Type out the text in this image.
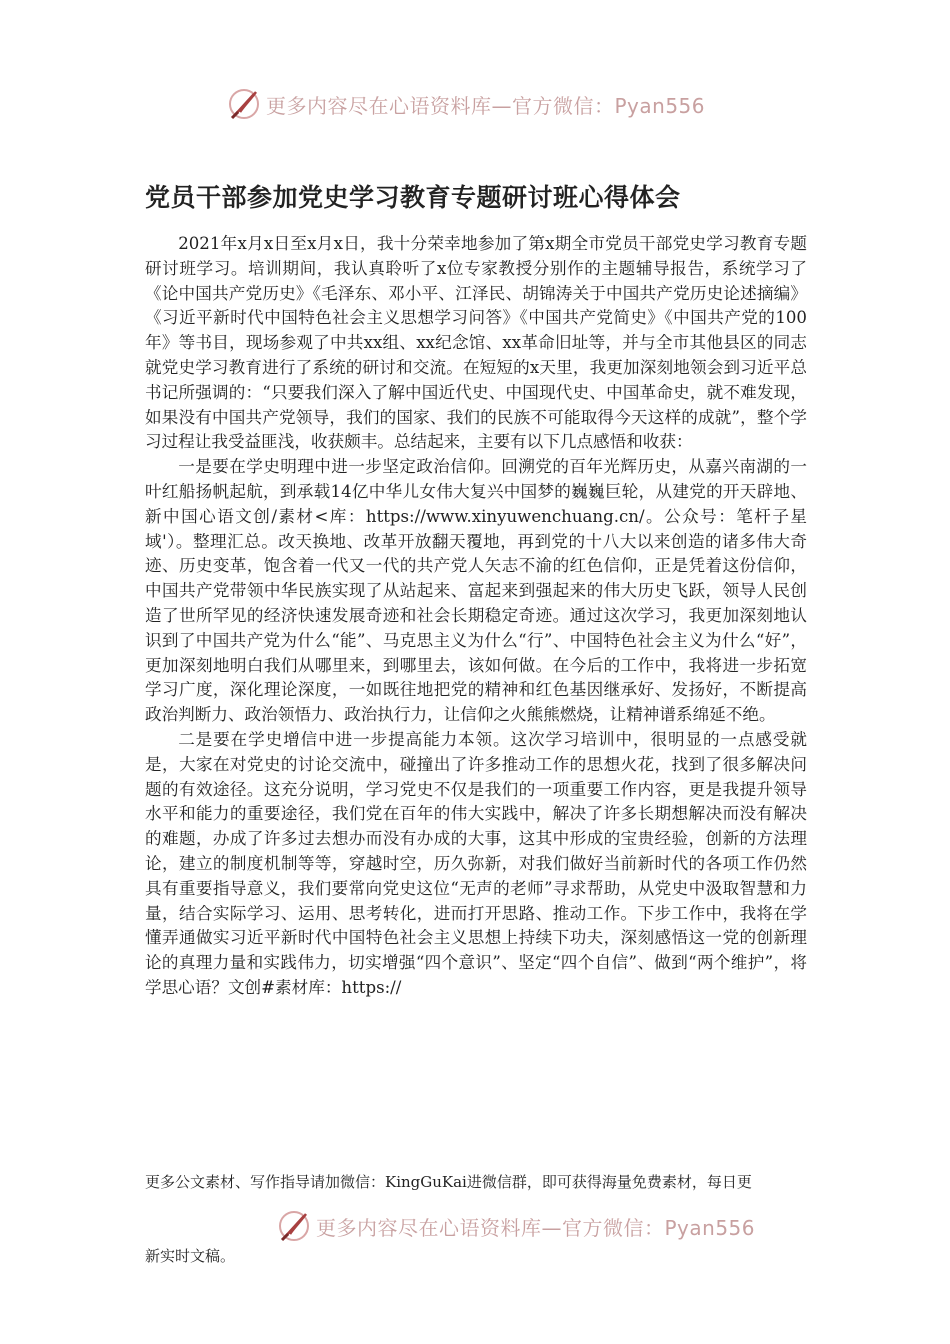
更多内容尽在心语资料库—官方微信：Pyan556
党员干部参加党史学习教育专题研讨班心得体会

2021年x月x日至x月x日，我十分荣幸地参加了第x期全市党员干部党史学习教育专题研讨班学习。培训期间，我认真聆听了x位专家教授分别作的主题辅导报告，系统学习了《论中国共产党历史》《毛泽东、邓小平、江泽民、胡锦涛关于中国共产党历史论述摘编》《习近平新时代中国特色社会主义思想学习问答》《中国共产党简史》《中国共产党的100年》等书目，现场参观了中共xx组、xx纪念馆、xx革命旧址等，并与全市其他县区的同志就党史学习教育进行了系统的研讨和交流。在短短的x天里，我更加深刻地领会到习近平总书记所强调的：“只要我们深入了解中国近代史、中国现代史、中国革命史，就不难发现，如果没有中国共产党领导，我们的国家、我们的民族不可能取得今天这样的成就”，整个学习过程让我受益匪浅，收获颇丰。总结起来，主要有以下几点感悟和收获：

一是要在学史明理中进一步坚定政治信仰。回溯党的百年光辉历史，从嘉兴南湖的一叶红船扬帆起航，到承载14亿中华儿女伟大复兴中国梦的巍巍巨轮，从建党的开天辟地、新中国心语文创/素材<库：https://www.xinyuwenchuang.cn/。公众号：笔杆子星域'）。整理汇总。改天换地、改革开放翻天覆地，再到党的十八大以来创造的诸多伟大奇迹、历史变革，饱含着一代又一代的共产党人矢志不渝的红色信仰，正是凭着这份信仰，中国共产党带领中华民族实现了从站起来、富起来到强起来的伟大历史飞跃，领导人民创造了世所罕见的经济快速发展奇迹和社会长期稳定奇迹。通过这次学习，我更加深刻地认识到了中国共产党为什么“能”、马克思主义为什么“行”、中国特色社会主义为什么“好”，更加深刻地明白我们从哪里来，到哪里去，该如何做。在今后的工作中，我将进一步拓宽学习广度，深化理论深度，一如既往地把党的精神和红色基因继承好、发扬好，不断提高政治判断力、政治领悟力、政治执行力，让信仰之火熊熊燃烧，让精神谱系绵延不绝。

二是要在学史增信中进一步提高能力本领。这次学习培训中，很明显的一点感受就是，大家在对党史的讨论交流中，碰撞出了许多推动工作的思想火花，找到了很多解决问题的有效途径。这充分说明，学习党史不仅是我们的一项重要工作内容，更是我提升领导水平和能力的重要途径，我们党在百年的伟大实践中，解决了许多长期想解决而没有解决的难题，办成了许多过去想办而没有办成的大事，这其中形成的宝贵经验，创新的方法理论，建立的制度机制等等，穿越时空，历久弥新，对我们做好当前新时代的各项工作仍然具有重要指导意义，我们要常向党史这位“无声的老师”寻求帮助，从党史中汲取智慧和力量，结合实际学习、运用、思考转化，进而打开思路、推动工作。下步工作中，我将在学懂弄通做实习近平新时代中国特色社会主义思想上持续下功夫，深刻感悟这一党的创新理论的真理力量和实践伟力，切实增强“四个意识”、坚定“四个自信”、做到“两个维护”，将学思心语？文创#素材库：https://

更多公文素材、写作指导请加微信：KingGuKai进微信群，即可获得海量免费素材，每日更
更多内容尽在心语资料库—官方微信：Pyan556
新实时文稿。
